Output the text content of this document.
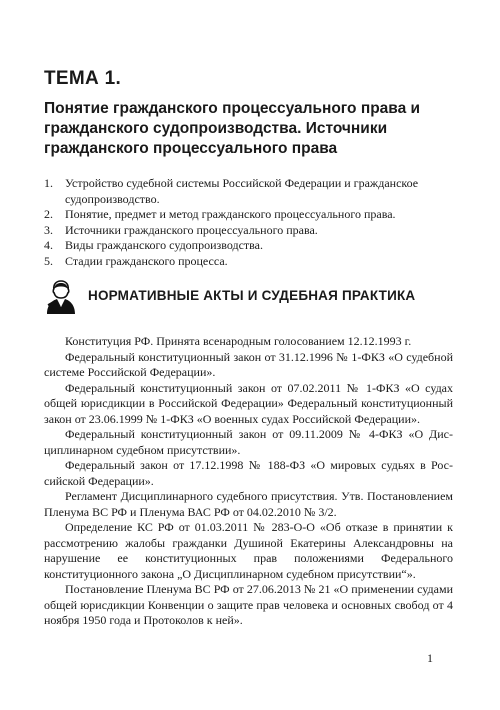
ТЕМА 1.
Понятие гражданского процессуального права и гражданского судопроизводства. Источники гражданского процессуального права
1. Устройство судебной системы Российской Федерации и гражданское судопроизводство.
2. Понятие, предмет и метод гражданского процессуального права.
3. Источники гражданского процессуального права.
4. Виды гражданского судопроизводства.
5. Стадии гражданского процесса.
НОРМАТИВНЫЕ АКТЫ И СУДЕБНАЯ ПРАКТИКА

Конституция РФ. Принята всенародным голосованием 12.12.1993 г.

Федеральный конституционный закон от 31.12.1996 № 1-ФКЗ «О судебной системе Российской Федерации».

Федеральный конституционный закон от 07.02.2011 № 1-ФКЗ «О судах общей юрисдикции в Российской Федерации» Федеральный конституционный закон от 23.06.1999 № 1-ФКЗ «О военных судах Российской Федерации».

Федеральный конституционный закон от 09.11.2009 № 4-ФКЗ «О Дисциплинарном судебном присутствии».

Федеральный закон от 17.12.1998 № 188-ФЗ «О мировых судьях в Российской Федерации».

Регламент Дисциплинарного судебного присутствия. Утв. Постановлением Пленума ВС РФ и Пленума ВАС РФ от 04.02.2010 № 3/2.

Определение КС РФ от 01.03.2011 № 283-О-О «Об отказе в принятии к рассмотрению жалобы гражданки Душиной Екатерины Александровны на нарушение ее конституционных прав положениями Федерального конституционного закона „О Дисциплинарном судебном присутствии“».

Постановление Пленума ВС РФ от 27.06.2013 № 21 «О применении судами общей юрисдикции Конвенции о защите прав человека и основных свобод от 4 ноября 1950 года и Протоколов к ней».

1
